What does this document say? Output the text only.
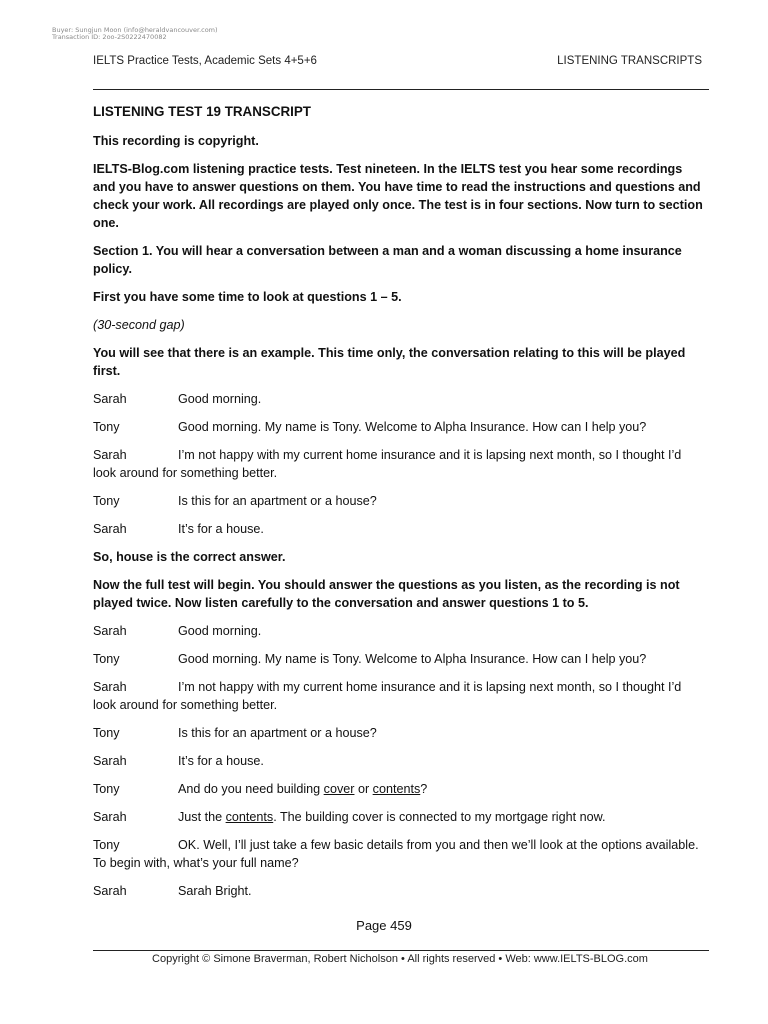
Buyer: Sungjun Moon (info@heraldvancouver.com)
Transaction ID: 2oo-2S0222470082
IELTS Practice Tests, Academic Sets 4+5+6	LISTENING TRANSCRIPTS
LISTENING TEST 19 TRANSCRIPT
This recording is copyright.
IELTS-Blog.com listening practice tests. Test nineteen. In the IELTS test you hear some recordings and you have to answer questions on them. You have time to read the instructions and questions and check your work. All recordings are played only once. The test is in four sections. Now turn to section one.
Section 1. You will hear a conversation between a man and a woman discussing a home insurance policy.
First you have some time to look at questions 1 – 5.
(30-second gap)
You will see that there is an example. This time only, the conversation relating to this will be played first.
Sarah	Good morning.
Tony	Good morning. My name is Tony. Welcome to Alpha Insurance. How can I help you?
Sarah	I’m not happy with my current home insurance and it is lapsing next month, so I thought I’d look around for something better.
Tony	Is this for an apartment or a house?
Sarah	It’s for a house.
So, house is the correct answer.
Now the full test will begin. You should answer the questions as you listen, as the recording is not played twice. Now listen carefully to the conversation and answer questions 1 to 5.
Sarah	Good morning.
Tony	Good morning. My name is Tony. Welcome to Alpha Insurance. How can I help you?
Sarah	I’m not happy with my current home insurance and it is lapsing next month, so I thought I’d look around for something better.
Tony	Is this for an apartment or a house?
Sarah	It’s for a house.
Tony	And do you need building cover or contents?
Sarah	Just the contents. The building cover is connected to my mortgage right now.
Tony	OK. Well, I’ll just take a few basic details from you and then we’ll look at the options available. To begin with, what’s your full name?
Sarah	Sarah Bright.
Page 459
Copyright © Simone Braverman, Robert Nicholson • All rights reserved • Web: www.IELTS-BLOG.com
